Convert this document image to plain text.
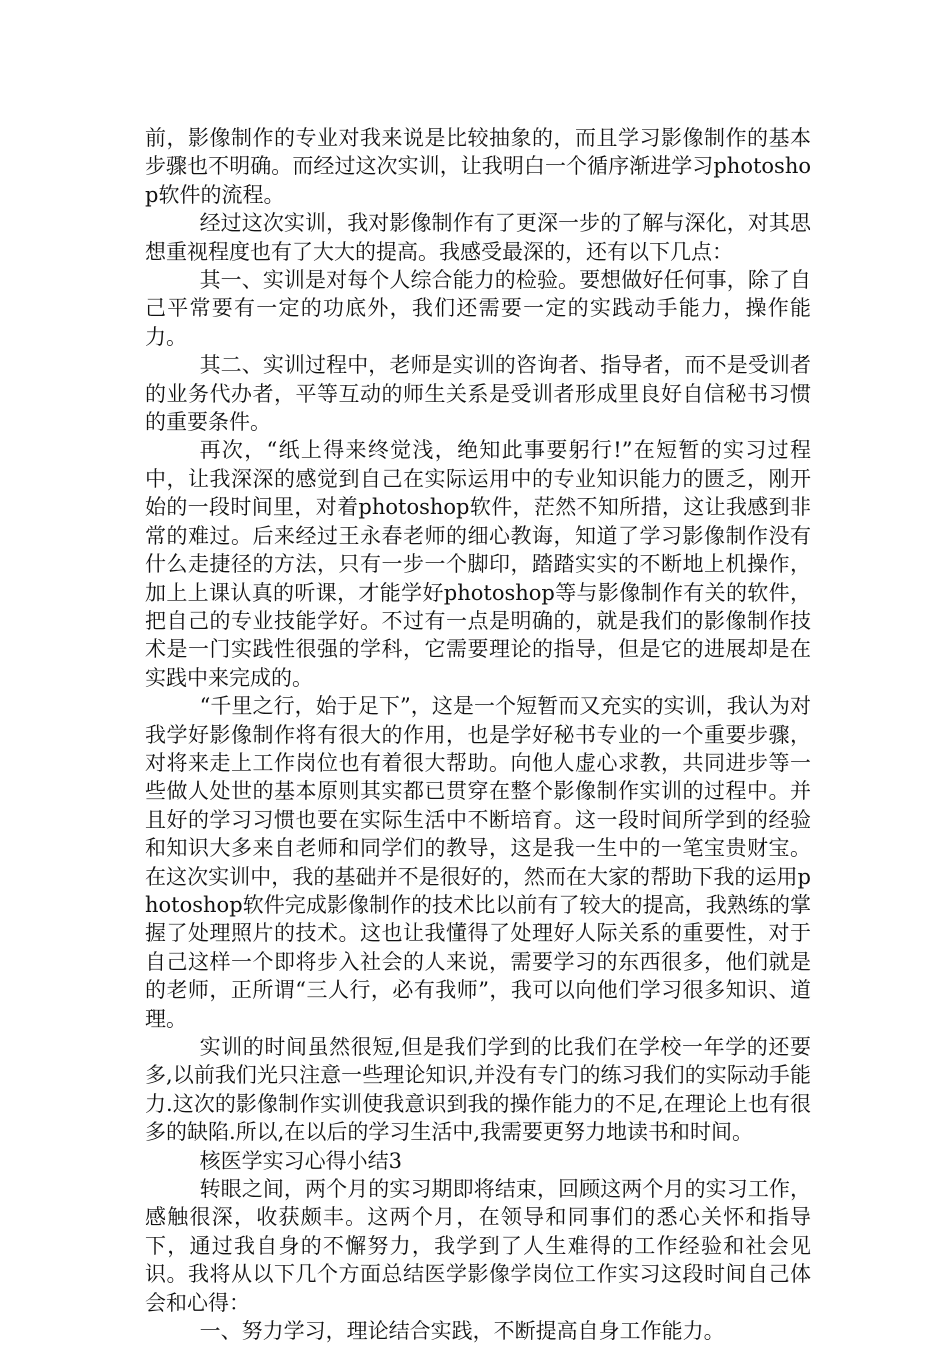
前，影像制作的专业对我来说是比较抽象的，而且学习影像制作的基本步骤也不明确。而经过这次实训，让我明白一个循序渐进学习photoshop软件的流程。

经过这次实训，我对影像制作有了更深一步的了解与深化，对其思想重视程度也有了大大的提高。我感受最深的，还有以下几点：

其一、实训是对每个人综合能力的检验。要想做好任何事，除了自己平常要有一定的功底外，我们还需要一定的实践动手能力，操作能力。

其二、实训过程中，老师是实训的咨询者、指导者，而不是受训者的业务代办者，平等互动的师生关系是受训者形成里良好自信秘书习惯的重要条件。

再次，“纸上得来终觉浅，绝知此事要躬行!”在短暂的实习过程中，让我深深的感觉到自己在实际运用中的专业知识能力的匮乏，刚开始的一段时间里，对着photoshop软件，茫然不知所措，这让我感到非常的难过。后来经过王永春老师的细心教诲，知道了学习影像制作没有什么走捷径的方法，只有一步一个脚印，踏踏实实的不断地上机操作，加上上课认真的听课，才能学好photoshop等与影像制作有关的软件，把自己的专业技能学好。不过有一点是明确的，就是我们的影像制作技术是一门实践性很强的学科，它需要理论的指导，但是它的进展却是在实践中来完成的。

“千里之行，始于足下”，这是一个短暂而又充实的实训，我认为对我学好影像制作将有很大的作用，也是学好秘书专业的一个重要步骤，对将来走上工作岗位也有着很大帮助。向他人虚心求教，共同进步等一些做人处世的基本原则其实都已贯穿在整个影像制作实训的过程中。并且好的学习习惯也要在实际生活中不断培育。这一段时间所学到的经验和知识大多来自老师和同学们的教导，这是我一生中的一笔宝贵财宝。在这次实训中，我的基础并不是很好的，然而在大家的帮助下我的运用photoshop软件完成影像制作的技术比以前有了较大的提高，我熟练的掌握了处理照片的技术。这也让我懂得了处理好人际关系的重要性，对于自己这样一个即将步入社会的人来说，需要学习的东西很多，他们就是的老师，正所谓“三人行，必有我师”，我可以向他们学习很多知识、道理。

实训的时间虽然很短,但是我们学到的比我们在学校一年学的还要多,以前我们光只注意一些理论知识,并没有专门的练习我们的实际动手能力.这次的影像制作实训使我意识到我的操作能力的不足,在理论上也有很多的缺陷.所以,在以后的学习生活中,我需要更努力地读书和时间。

核医学实习心得小结3

转眼之间，两个月的实习期即将结束，回顾这两个月的实习工作，感触很深，收获颇丰。这两个月，在领导和同事们的悉心关怀和指导下，通过我自身的不懈努力，我学到了人生难得的工作经验和社会见识。我将从以下几个方面总结医学影像学岗位工作实习这段时间自己体会和心得：

一、努力学习，理论结合实践，不断提高自身工作能力。
